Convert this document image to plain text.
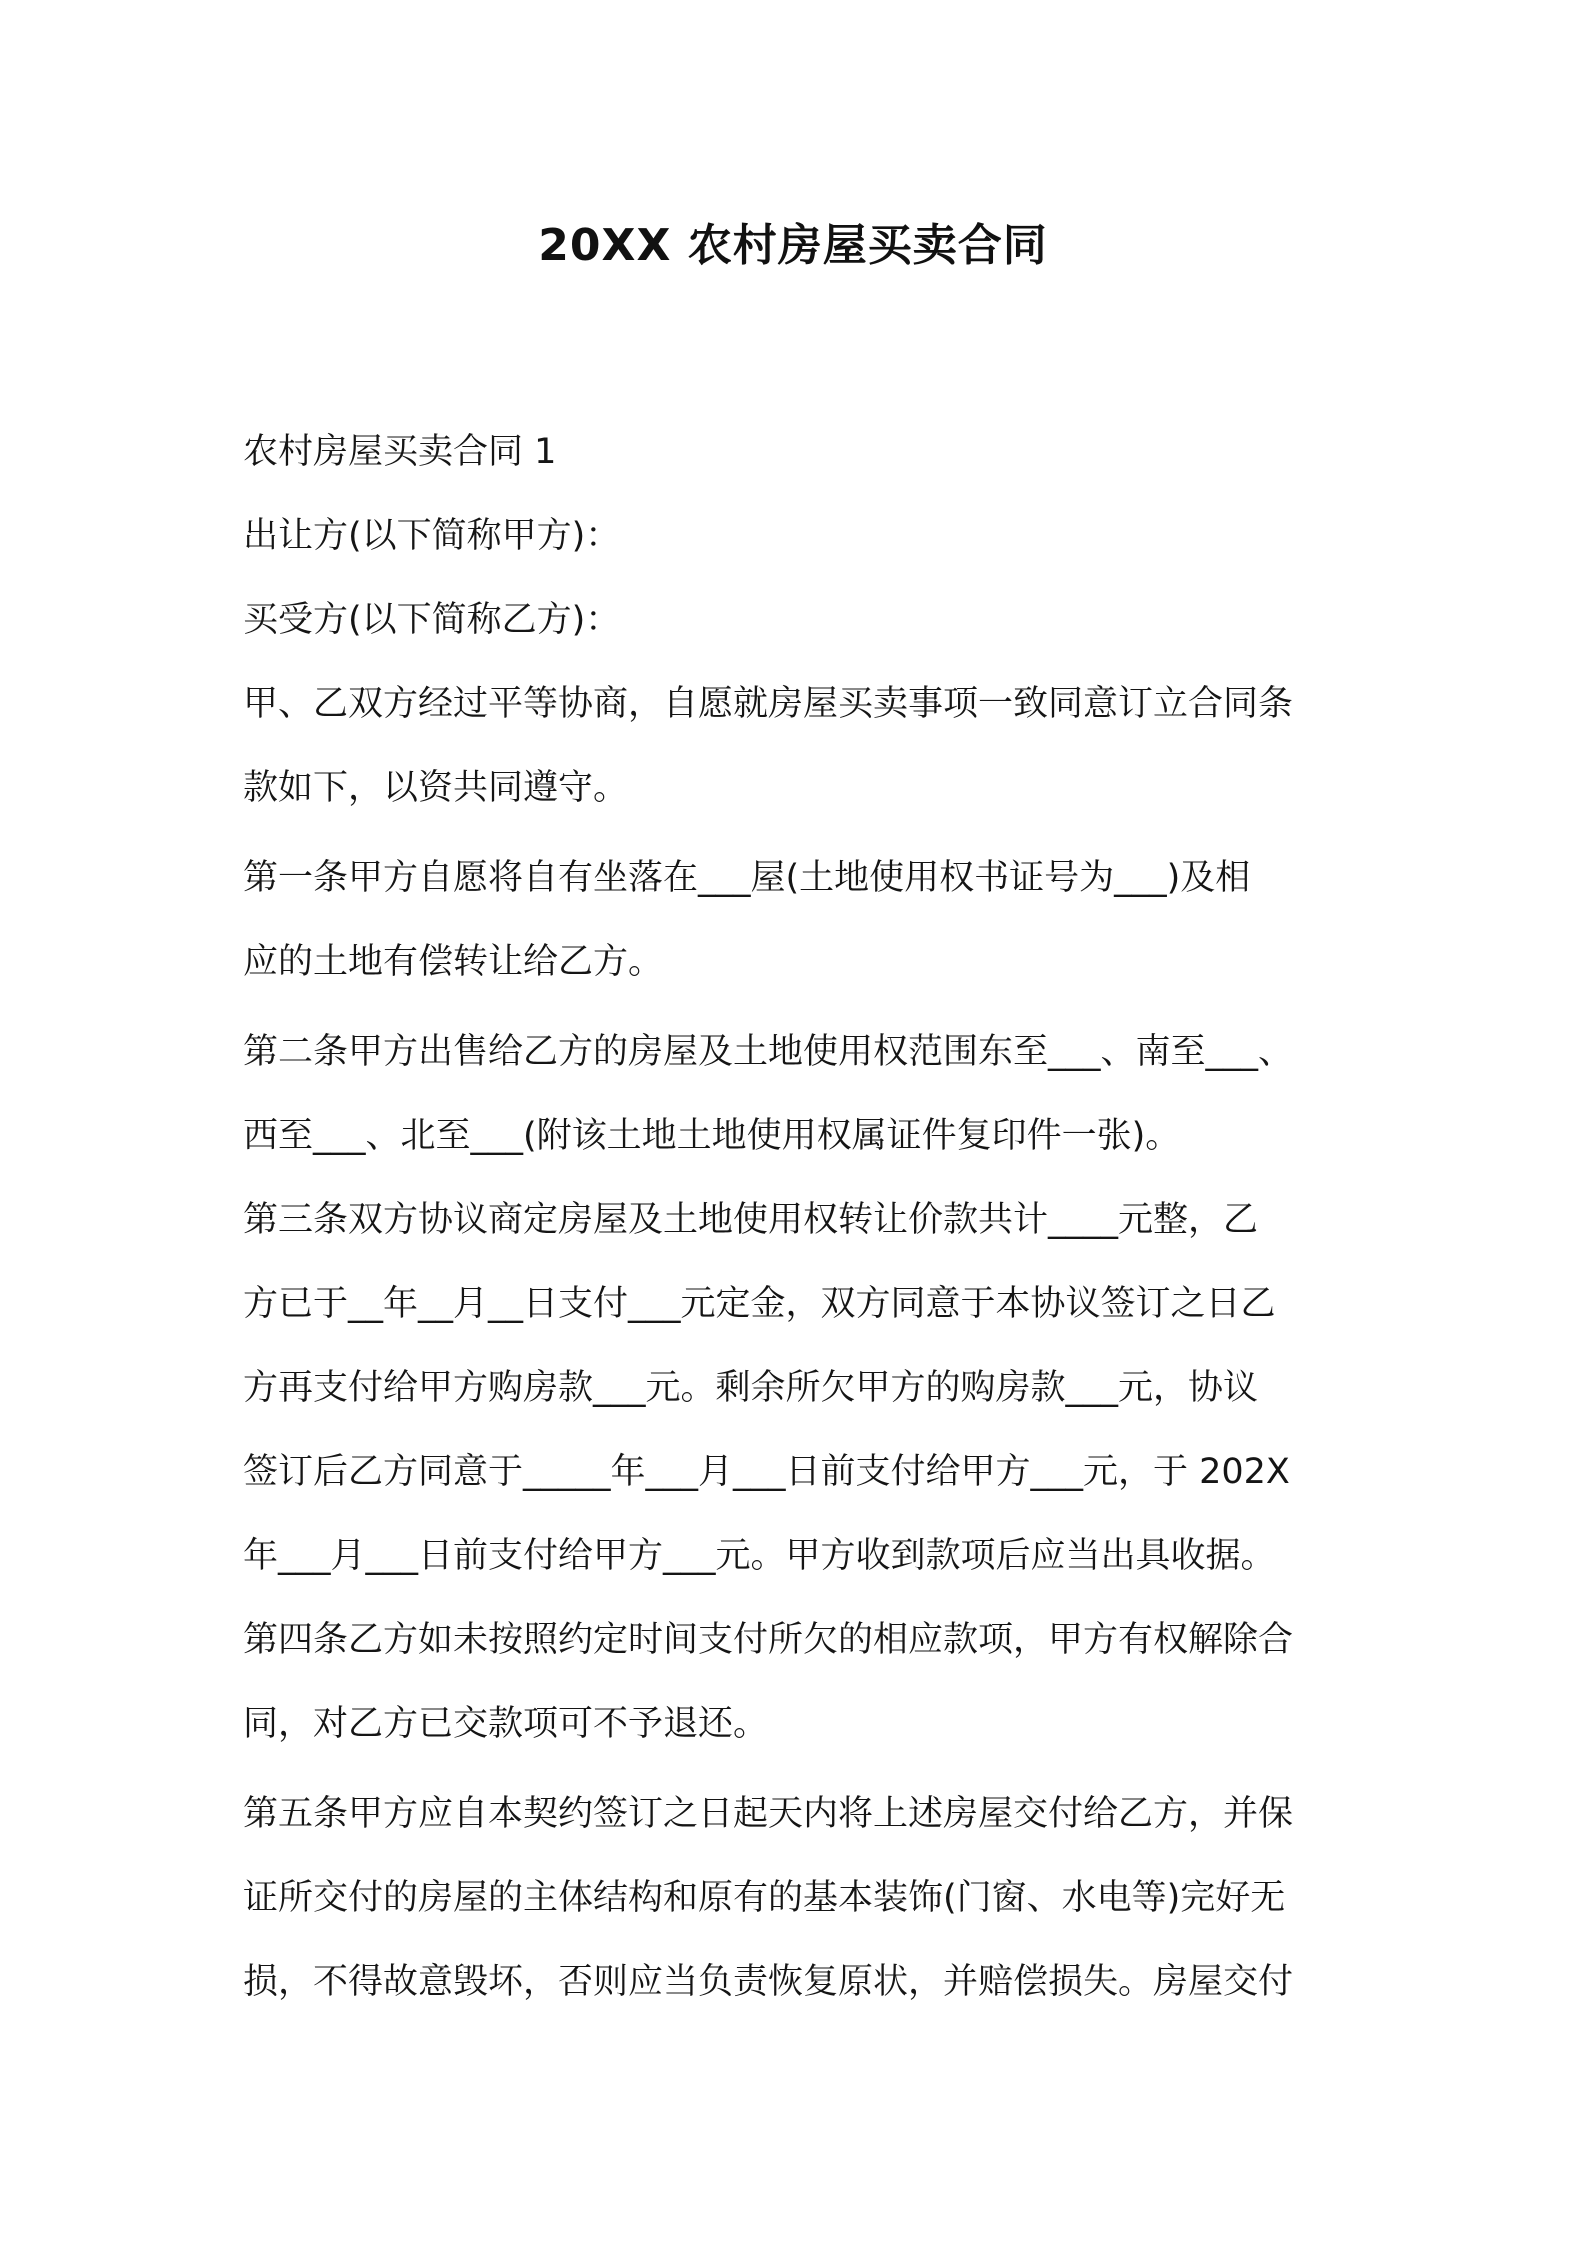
20XX 农村房屋买卖合同
农村房屋买卖合同 1
出让方(以下简称甲方)：
买受方(以下简称乙方)：
甲、乙双方经过平等协商，自愿就房屋买卖事项一致同意订立合同条
款如下，以资共同遵守。
第一条甲方自愿将自有坐落在___屋(土地使用权书证号为___)及相
应的土地有偿转让给乙方。
第二条甲方出售给乙方的房屋及土地使用权范围东至___、南至___、
西至___、北至___(附该土地土地使用权属证件复印件一张)。
第三条双方协议商定房屋及土地使用权转让价款共计____元整，乙
方已于__年__月__日支付___元定金，双方同意于本协议签订之日乙
方再支付给甲方购房款___元。剩余所欠甲方的购房款___元，协议
签订后乙方同意于_____年___月___日前支付给甲方___元，于 202X
年___月___日前支付给甲方___元。甲方收到款项后应当出具收据。
第四条乙方如未按照约定时间支付所欠的相应款项，甲方有权解除合
同，对乙方已交款项可不予退还。
第五条甲方应自本契约签订之日起天内将上述房屋交付给乙方，并保
证所交付的房屋的主体结构和原有的基本装饰(门窗、水电等)完好无
损，不得故意毁坏，否则应当负责恢复原状，并赔偿损失。房屋交付
